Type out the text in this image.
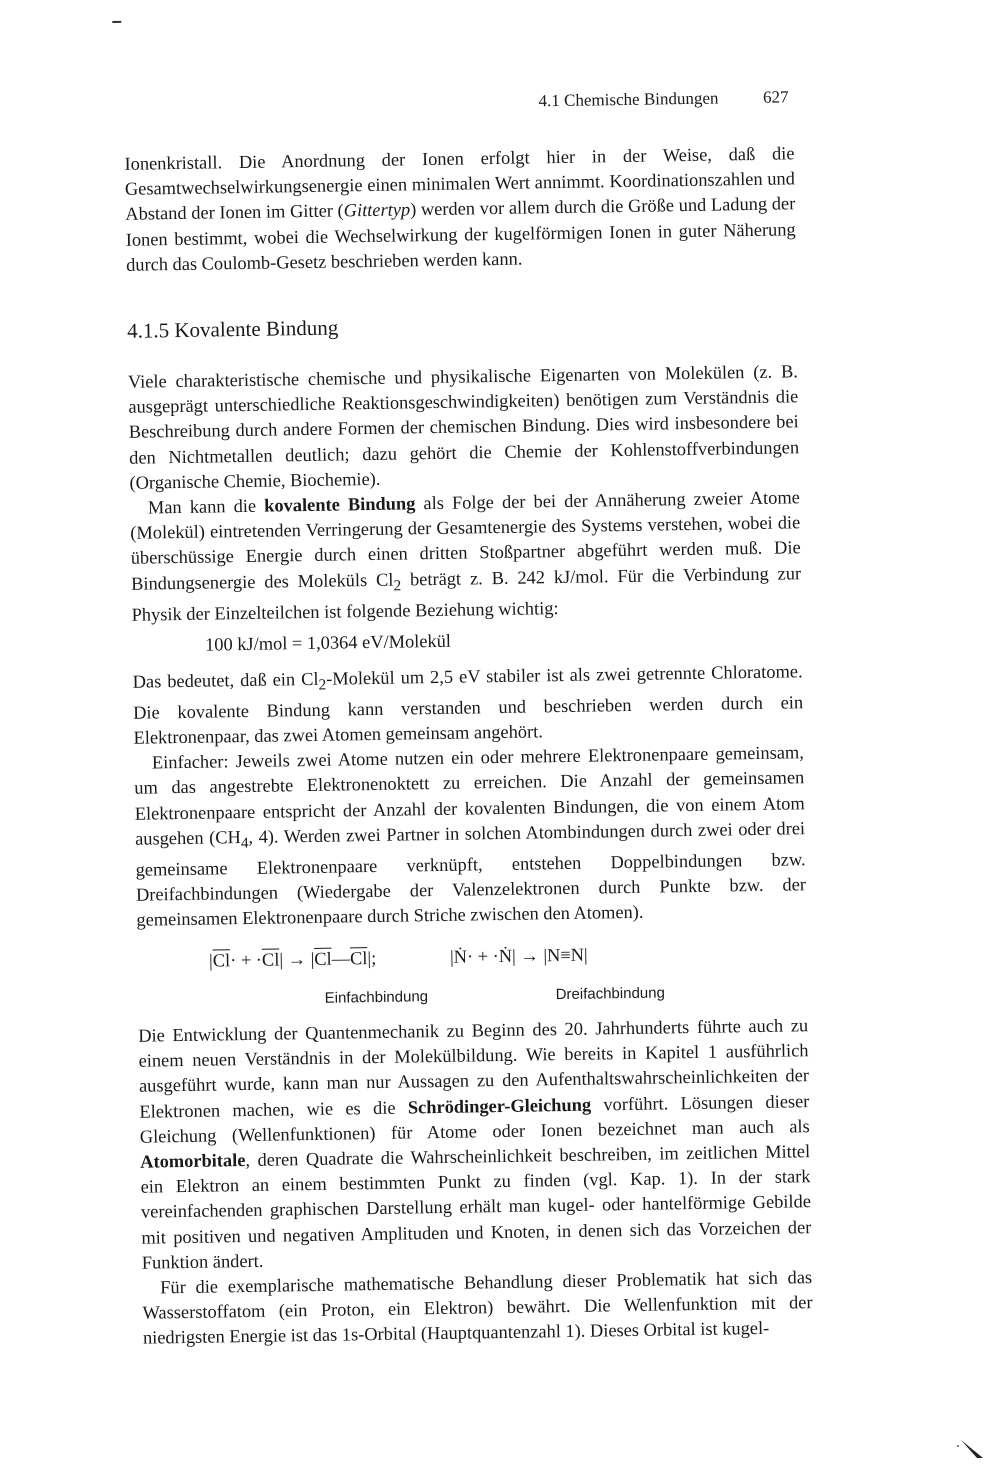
4.1 Chemische Bindungen	627

Ionenkristall. Die Anordnung der Ionen erfolgt hier in der Weise, daß die Gesamtwechselwirkungsenergie einen minimalen Wert annimmt. Koordinationszahlen und Abstand der Ionen im Gitter (Gittertyp) werden vor allem durch die Größe und Ladung der Ionen bestimmt, wobei die Wechselwirkung der kugelförmigen Ionen in guter Näherung durch das Coulomb-Gesetz beschrieben werden kann.

4.1.5 Kovalente Bindung

Viele charakteristische chemische und physikalische Eigenarten von Molekülen (z. B. ausgeprägt unterschiedliche Reaktionsgeschwindigkeiten) benötigen zum Verständnis die Beschreibung durch andere Formen der chemischen Bindung. Dies wird insbesondere bei den Nichtmetallen deutlich; dazu gehört die Chemie der Kohlenstoffverbindungen (Organische Chemie, Biochemie).

Man kann die kovalente Bindung als Folge der bei der Annäherung zweier Atome (Molekül) eintretenden Verringerung der Gesamtenergie des Systems verstehen, wobei die überschüssige Energie durch einen dritten Stoßpartner abgeführt werden muß. Die Bindungsenergie des Moleküls $Cl_2$ beträgt z. B. 242 kJ/mol. Für die Verbindung zur Physik der Einzelteilchen ist folgende Beziehung wichtig:

100 kJ/mol = 1,0364 eV/Molekül

Das bedeutet, daß ein $Cl_2$-Molekül um 2,5 eV stabiler ist als zwei getrennte Chloratome. Die kovalente Bindung kann verstanden und beschrieben werden durch ein Elektronenpaar, das zwei Atomen gemeinsam angehört.

Einfacher: Jeweils zwei Atome nutzen ein oder mehrere Elektronenpaare gemeinsam, um das angestrebte Elektronenoktett zu erreichen. Die Anzahl der gemeinsamen Elektronenpaare entspricht der Anzahl der kovalenten Bindungen, die von einem Atom ausgehen ($CH_4$, 4). Werden zwei Partner in solchen Atombindungen durch zwei oder drei gemeinsame Elektronenpaare verknüpft, entstehen Doppelbindungen bzw. Dreifachbindungen (Wiedergabe der Valenzelektronen durch Punkte bzw. der gemeinsamen Elektronenpaare durch Striche zwischen den Atomen).

$|\overline{Cl}\cdot + \cdot\overline{Cl}|$ → $|\overline{Cl}—\overline{Cl}|$;	|Ṅ· + ·Ṅ| → |N≡N|
Einfachbindung	Dreifachbindung

Die Entwicklung der Quantenmechanik zu Beginn des 20. Jahrhunderts führte auch zu einem neuen Verständnis in der Molekülbildung. Wie bereits in Kapitel 1 ausführlich ausgeführt wurde, kann man nur Aussagen zu den Aufenthaltswahrscheinlichkeiten der Elektronen machen, wie es die Schrödinger-Gleichung vorführt. Lösungen dieser Gleichung (Wellenfunktionen) für Atome oder Ionen bezeichnet man auch als Atomorbitale, deren Quadrate die Wahrscheinlichkeit beschreiben, im zeitlichen Mittel ein Elektron an einem bestimmten Punkt zu finden (vgl. Kap. 1). In der stark vereinfachenden graphischen Darstellung erhält man kugel- oder hantelförmige Gebilde mit positiven und negativen Amplituden und Knoten, in denen sich das Vorzeichen der Funktion ändert.

Für die exemplarische mathematische Behandlung dieser Problematik hat sich das Wasserstoffatom (ein Proton, ein Elektron) bewährt. Die Wellenfunktion mit der niedrigsten Energie ist das 1s-Orbital (Hauptquantenzahl 1). Dieses Orbital ist kugel-
